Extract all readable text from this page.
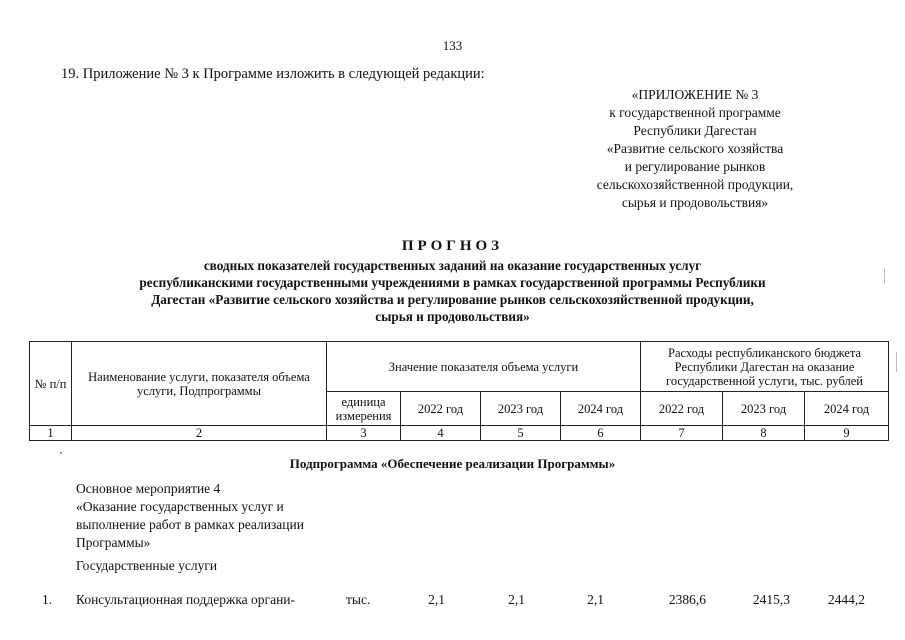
133
19. Приложение № 3 к Программе изложить в следующей редакции:
«ПРИЛОЖЕНИЕ № 3
к государственной программе
Республики Дагестан
«Развитие сельского хозяйства
и регулирование рынков
сельскохозяйственной продукции,
сырья и продовольствия»
ПРОГНОЗ
сводных показателей государственных заданий на оказание государственных услуг
республиканскими государственными учреждениями в рамках государственной программы Республики
Дагестан «Развитие сельского хозяйства и регулирование рынков сельскохозяйственной продукции,
сырья и продовольствия»
№ п/п	Наименование услуги, показателя объема услуги, Подпрограммы	Значение показателя объема услуги				Расходы республиканского бюджета Республики Дагестан на оказание государственной услуги, тыс. рублей		
		единица измерения	2022 год	2023 год	2024 год	2022 год	2023 год	2024 год
1	2	3	4	5	6	7	8	9
Подпрограмма «Обеспечение реализации Программы»
Основное мероприятие 4
«Оказание государственных услуг и
выполнение работ в рамках реализации
Программы»
Государственные услуги
1. Консультационная поддержка органи-	тыс.	2,1	2,1	2,1	2386,6	2415,3	2444,2
